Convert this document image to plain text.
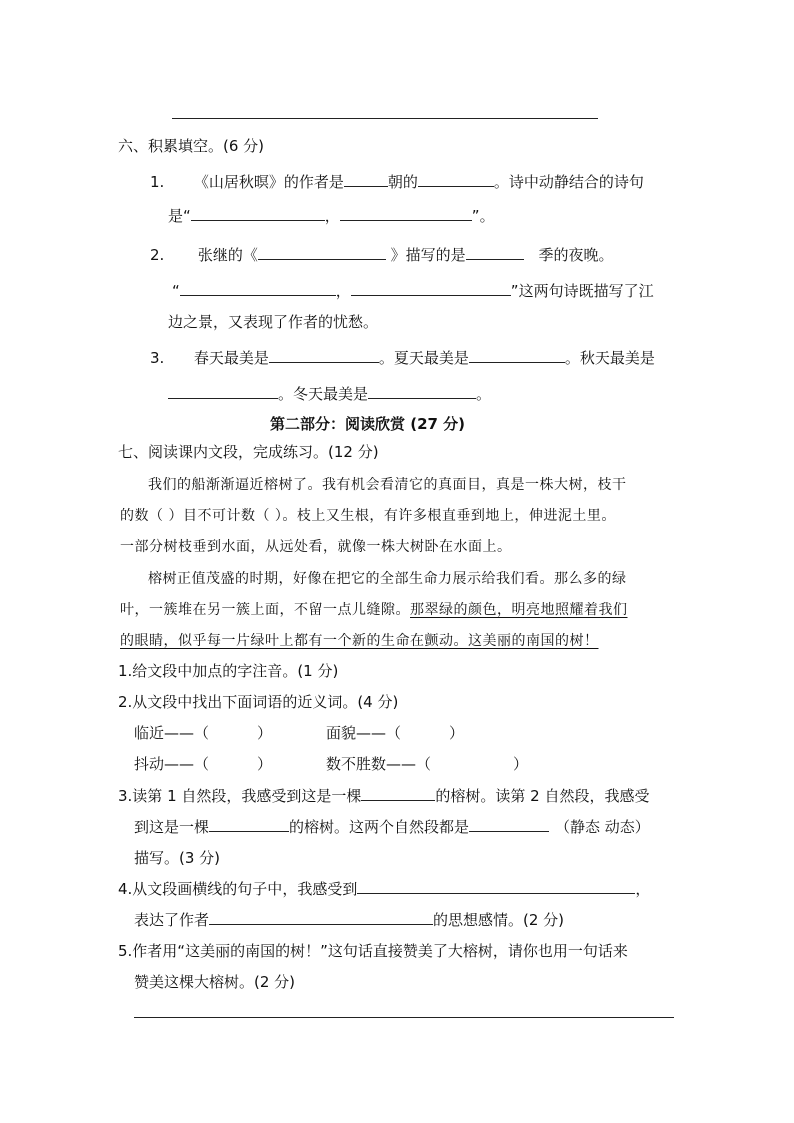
六、积累填空。(6 分)
1. 《山居秋暝》的作者是	朝的	。诗中动静结合的诗句
是“	，	”。
2. 张继的《	》描写的是	季的夜晚。
“	，	”这两句诗既描写了江
边之景，又表现了作者的忧愁。
3. 春天最美是	。夏天最美是	。秋天最美是
。冬天最美是	。
第二部分：阅读欣赏 (27 分)
七、阅读课内文段，完成练习。(12 分)
我们的船渐渐逼近榕树了。我有机会看清它的真面目，真是一株大树，枝干
的数（ ）目不可计数（ ）。枝上又生根，有许多根直垂到地上，伸进泥土里。
一部分树枝垂到水面，从远处看，就像一株大树卧在水面上。
榕树正值茂盛的时期，好像在把它的全部生命力展示给我们看。那么多的绿
叶，一簇堆在另一簇上面，不留一点儿缝隙。那翠绿的颜色，明亮地照耀着我们
的眼睛，似乎每一片绿叶上都有一个新的生命在颤动。这美丽的南国的树！
1.给文段中加点的字注音。(1 分)
2.从文段中找出下面词语的近义词。(4 分)
临近——（	）	面貌——（	）
抖动——（	）	数不胜数——（	）
3.读第 1 自然段，我感受到这是一棵	的榕树。读第 2 自然段，我感受
到这是一棵	的榕树。这两个自然段都是	（静态 动态）
描写。(3 分)
4.从文段画横线的句子中，我感受到	，
表达了作者	的思想感情。(2 分)
5.作者用“这美丽的南国的树！”这句话直接赞美了大榕树，请你也用一句话来
赞美这棵大榕树。(2 分)
